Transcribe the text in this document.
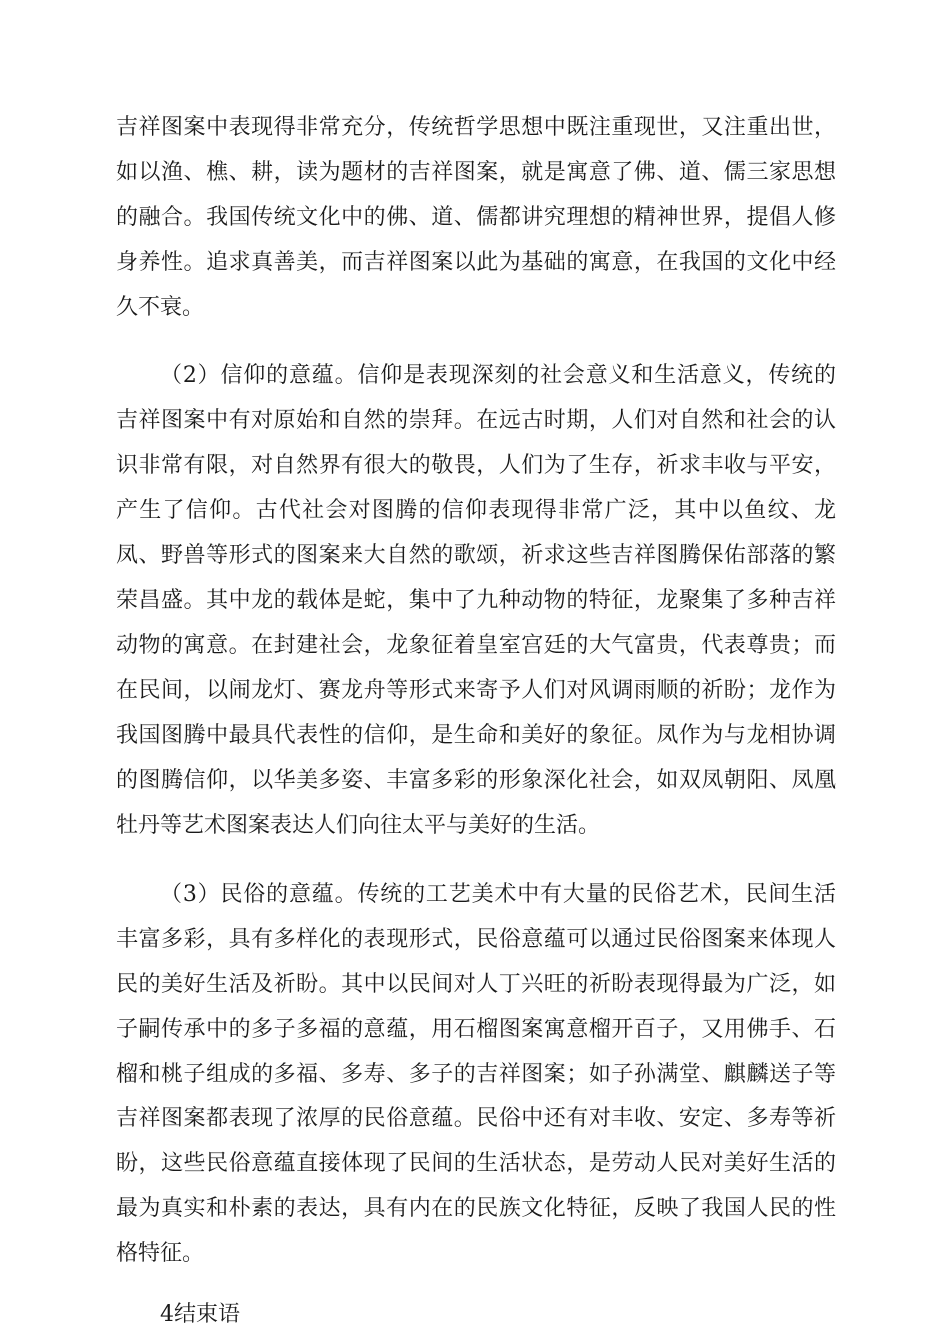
吉祥图案中表现得非常充分，传统哲学思想中既注重现世，又注重出世，
如以渔、樵、耕，读为题材的吉祥图案，就是寓意了佛、道、儒三家思想
的融合。我国传统文化中的佛、道、儒都讲究理想的精神世界，提倡人修
身养性。追求真善美，而吉祥图案以此为基础的寓意，在我国的文化中经
久不衰。
（2）信仰的意蕴。信仰是表现深刻的社会意义和生活意义，传统的
吉祥图案中有对原始和自然的崇拜。在远古时期，人们对自然和社会的认
识非常有限，对自然界有很大的敬畏，人们为了生存，祈求丰收与平安，
产生了信仰。古代社会对图腾的信仰表现得非常广泛，其中以鱼纹、龙
凤、野兽等形式的图案来大自然的歌颂，祈求这些吉祥图腾保佑部落的繁
荣昌盛。其中龙的载体是蛇，集中了九种动物的特征，龙聚集了多种吉祥
动物的寓意。在封建社会，龙象征着皇室宫廷的大气富贵，代表尊贵；而
在民间，以闹龙灯、赛龙舟等形式来寄予人们对风调雨顺的祈盼；龙作为
我国图腾中最具代表性的信仰，是生命和美好的象征。凤作为与龙相协调
的图腾信仰，以华美多姿、丰富多彩的形象深化社会，如双凤朝阳、凤凰
牡丹等艺术图案表达人们向往太平与美好的生活。
（3）民俗的意蕴。传统的工艺美术中有大量的民俗艺术，民间生活
丰富多彩，具有多样化的表现形式，民俗意蕴可以通过民俗图案来体现人
民的美好生活及祈盼。其中以民间对人丁兴旺的祈盼表现得最为广泛，如
子嗣传承中的多子多福的意蕴，用石榴图案寓意榴开百子，又用佛手、石
榴和桃子组成的多福、多寿、多子的吉祥图案；如子孙满堂、麒麟送子等
吉祥图案都表现了浓厚的民俗意蕴。民俗中还有对丰收、安定、多寿等祈
盼，这些民俗意蕴直接体现了民间的生活状态，是劳动人民对美好生活的
最为真实和朴素的表达，具有内在的民族文化特征，反映了我国人民的性
格特征。
4结束语
